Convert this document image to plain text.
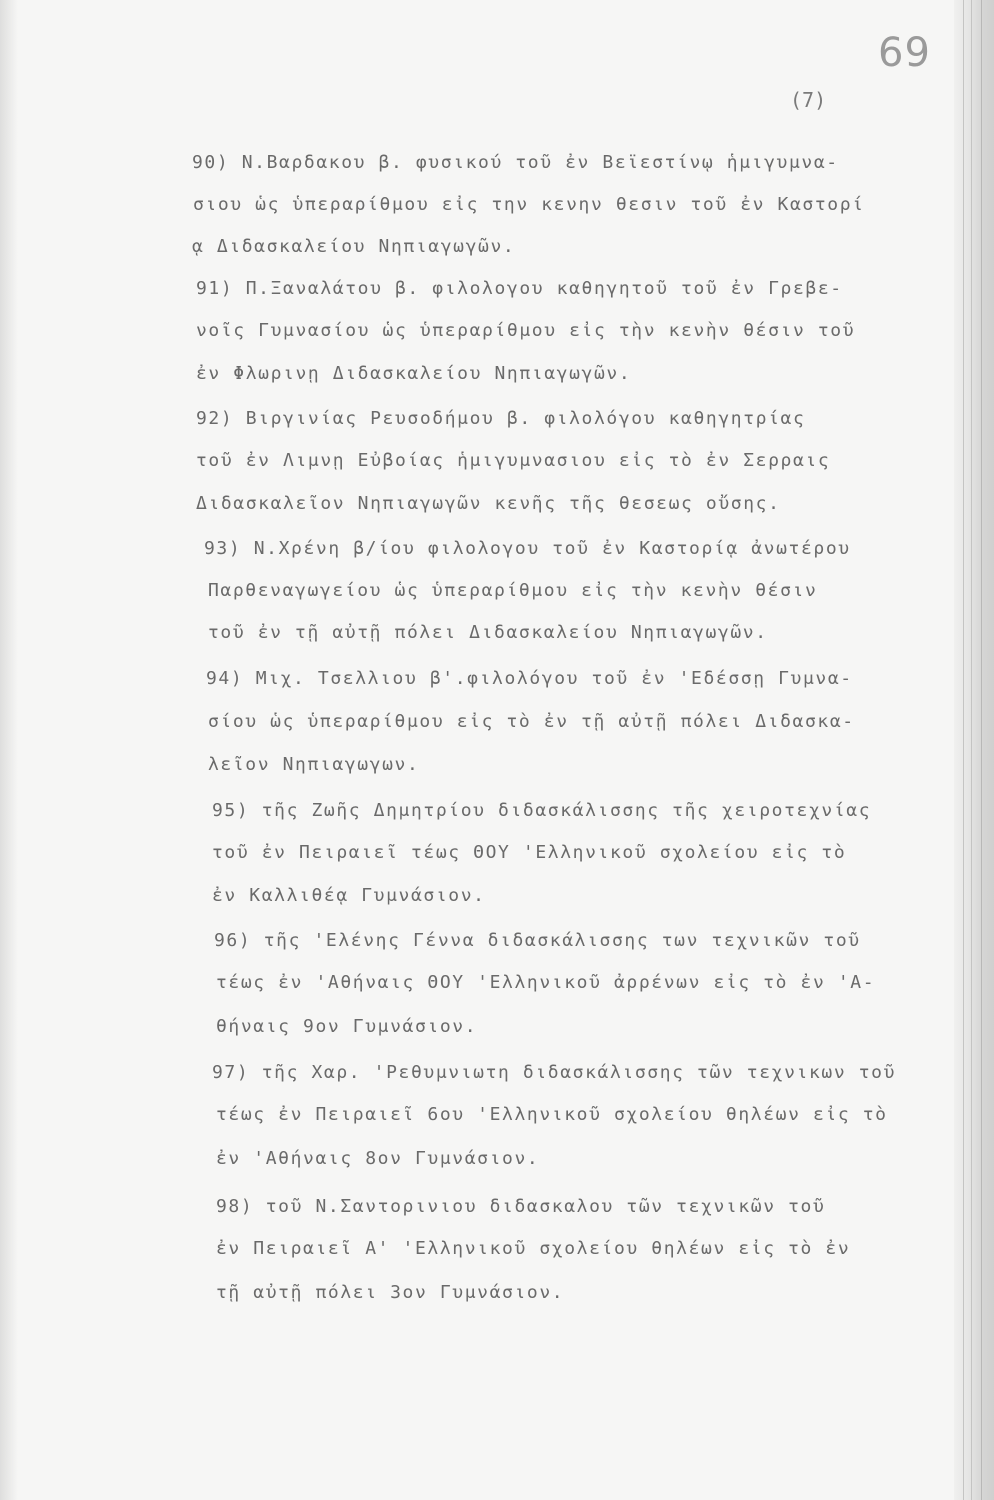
69
(7)
90) Ν.Βαρδακου β. φυσικού τοῦ ἐν Βεϊεστίνῳ ἡμιγυμνα-
σιου ὡς ὑπεραρίθμου εἰς την κενην θεσιν τοῦ ἐν Καστορί
ᾳ Διδασκαλείου Νηπιαγωγῶν.
91) Π.Ξαναλάτου β. φιλολογου καθηγητοῦ τοῦ ἐν Γρεβε-
νοῖς Γυμνασίου ὡς ὑπεραρίθμου εἰς τὴν κενὴν θέσιν τοῦ
ἐν Φλωρινῃ Διδασκαλείου Νηπιαγωγῶν.
92) Βιργινίας Ρευσοδήμου β. φιλολόγου καθηγητρίας
τοῦ ἐν Λιμνῃ Εὐβοίας ἡμιγυμνασιου εἰς τὸ ἐν Σερραις
Διδασκαλεῖον Νηπιαγωγῶν κενῆς τῆς θεσεως οὔσης.
93) Ν.Χρένη β/ίου φιλολογου τοῦ ἐν Καστορίᾳ ἀνωτέρου
Παρθεναγωγείου ὡς ὑπεραρίθμου εἰς τὴν κενὴν θέσιν
τοῦ ἐν τῇ αὐτῇ πόλει Διδασκαλείου Νηπιαγωγῶν.
94) Μιχ. Τσελλιου β'.φιλολόγου τοῦ ἐν 'Εδέσσῃ Γυμνα-
σίου ὡς ὑπεραρίθμου εἰς τὸ ἐν τῇ αὐτῇ πόλει Διδασκα-
λεῖον Νηπιαγωγων.
95) τῆς Ζωῆς Δημητρίου διδασκάλισσης τῆς χειροτεχνίας
τοῦ ἐν Πειραιεῖ τέως ΘΟΥ 'Ελληνικοῦ σχολείου εἰς τὸ
ἐν Καλλιθέᾳ Γυμνάσιον.
96) τῆς 'Ελένης Γέννα διδασκάλισσης των τεχνικῶν τοῦ
τέως ἐν 'Αθήναις ΘΟΥ 'Ελληνικοῦ ἀρρένων εἰς τὸ ἐν 'Α-
θήναις 9ον Γυμνάσιον.
97) τῆς Χαρ. 'Ρεθυμνιωτη διδασκάλισσης τῶν τεχνικων τοῦ
τέως ἐν Πειραιεῖ 6ου 'Ελληνικοῦ σχολείου θηλέων εἰς τὸ
ἐν 'Αθήναις 8ον Γυμνάσιον.
98) τοῦ Ν.Σαντορινιου διδασκαλου τῶν τεχνικῶν τοῦ
ἐν Πειραιεῖ Α' 'Ελληνικοῦ σχολείου θηλέων εἰς τὸ ἐν
τῇ αὐτῇ πόλει 3ον Γυμνάσιον.
